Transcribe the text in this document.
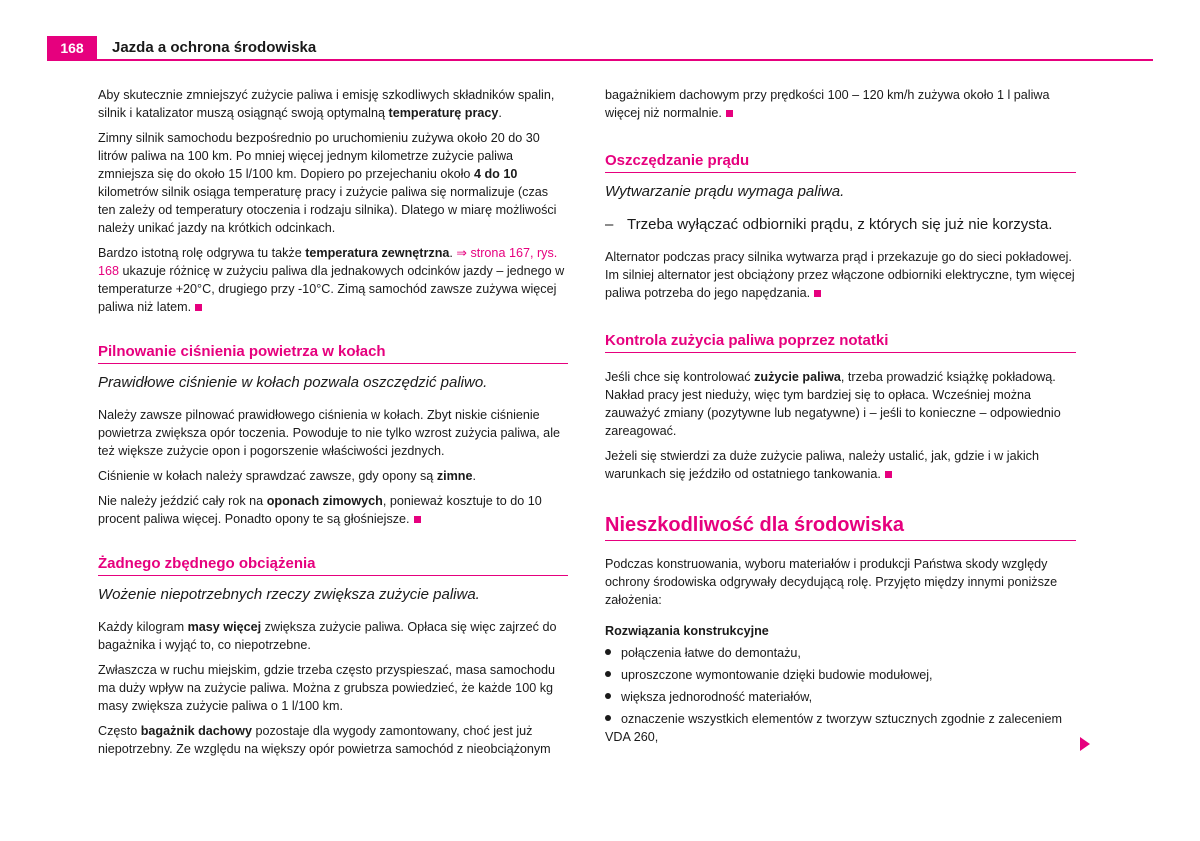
168 Jazda a ochrona środowiska

Aby skutecznie zmniejszyć zużycie paliwa i emisję szkodliwych składników spalin, silnik i katalizator muszą osiągnąć swoją optymalną temperaturę pracy.

Zimny silnik samochodu bezpośrednio po uruchomieniu zużywa około 20 do 30 litrów paliwa na 100 km. Po mniej więcej jednym kilometrze zużycie paliwa zmniejsza się do około 15 l/100 km. Dopiero po przejechaniu około 4 do 10 kilometrów silnik osiąga temperaturę pracy i zużycie paliwa się normalizuje (czas ten zależy od temperatury otoczenia i rodzaju silnika). Dlatego w miarę możliwości należy unikać jazdy na krótkich odcinkach.

Bardzo istotną rolę odgrywa tu także temperatura zewnętrzna. ⇒ strona 167, rys. 168 ukazuje różnicę w zużyciu paliwa dla jednakowych odcinków jazdy – jednego w temperaturze +20°C, drugiego przy -10°C. Zimą samochód zawsze zużywa więcej paliwa niż latem.

Pilnowanie ciśnienia powietrza w kołach
Prawidłowe ciśnienie w kołach pozwala oszczędzić paliwo.

Należy zawsze pilnować prawidłowego ciśnienia w kołach. Zbyt niskie ciśnienie powietrza zwiększa opór toczenia. Powoduje to nie tylko wzrost zużycia paliwa, ale też większe zużycie opon i pogorszenie właściwości jezdnych.

Ciśnienie w kołach należy sprawdzać zawsze, gdy opony są zimne.

Nie należy jeździć cały rok na oponach zimowych, ponieważ kosztuje to do 10 procent paliwa więcej. Ponadto opony te są głośniejsze.

Żadnego zbędnego obciążenia
Wożenie niepotrzebnych rzeczy zwiększa zużycie paliwa.

Każdy kilogram masy więcej zwiększa zużycie paliwa. Opłaca się więc zajrzeć do bagażnika i wyjąć to, co niepotrzebne.

Zwłaszcza w ruchu miejskim, gdzie trzeba często przyspieszać, masa samochodu ma duży wpływ na zużycie paliwa. Można z grubsza powiedzieć, że każde 100 kg masy zwiększa zużycie paliwa o 1 l/100 km.

Często bagażnik dachowy pozostaje dla wygody zamontowany, choć jest już niepotrzebny. Ze względu na większy opór powietrza samochód z nieobciążonym

bagażnikiem dachowym przy prędkości 100 – 120 km/h zużywa około 1 l paliwa więcej niż normalnie.

Oszczędzanie prądu
Wytwarzanie prądu wymaga paliwa.
– Trzeba wyłączać odbiorniki prądu, z których się już nie korzysta.

Alternator podczas pracy silnika wytwarza prąd i przekazuje go do sieci pokładowej. Im silniej alternator jest obciążony przez włączone odbiorniki elektryczne, tym więcej paliwa potrzeba do jego napędzania.

Kontrola zużycia paliwa poprzez notatki

Jeśli chce się kontrolować zużycie paliwa, trzeba prowadzić książkę pokładową. Nakład pracy jest nieduży, więc tym bardziej się to opłaca. Wcześniej można zauważyć zmiany (pozytywne lub negatywne) i – jeśli to konieczne – odpowiednio zareagować.

Jeżeli się stwierdzi za duże zużycie paliwa, należy ustalić, jak, gdzie i w jakich warunkach się jeździło od ostatniego tankowania.

Nieszkodliwość dla środowiska

Podczas konstruowania, wyboru materiałów i produkcji Państwa skody względy ochrony środowiska odgrywały decydującą rolę. Przyjęto między innymi poniższe założenia:

Rozwiązania konstrukcyjne
połączenia łatwe do demontażu,
uproszczone wymontowanie dzięki budowie modułowej,
większa jednorodność materiałów,
oznaczenie wszystkich elementów z tworzyw sztucznych zgodnie z zaleceniem VDA 260,
